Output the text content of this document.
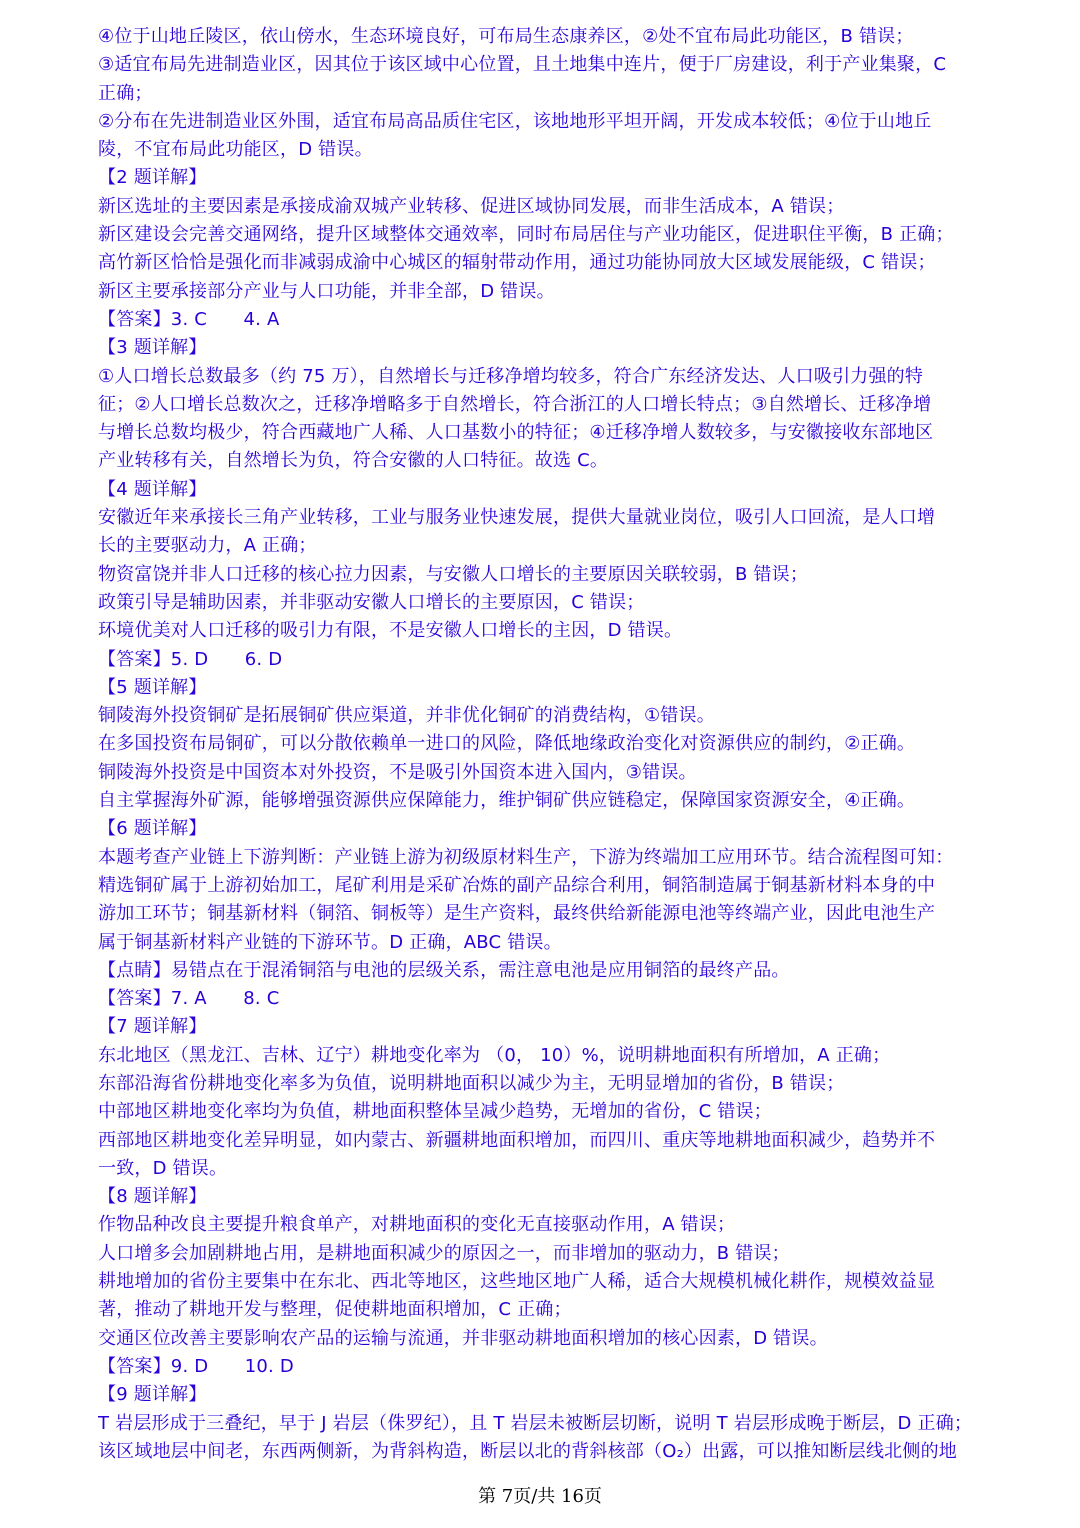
④位于山地丘陵区，依山傍水，生态环境良好，可布局生态康养区，②处不宜布局此功能区，B 错误；
③适宜布局先进制造业区，因其位于该区域中心位置，且土地集中连片，便于厂房建设，利于产业集聚，C
正确；
②分布在先进制造业区外围，适宜布局高品质住宅区，该地地形平坦开阔，开发成本较低；④位于山地丘
陵，不宜布局此功能区，D 错误。
【2 题详解】
新区选址的主要因素是承接成渝双城产业转移、促进区域协同发展，而非生活成本，A 错误；
新区建设会完善交通网络，提升区域整体交通效率，同时布局居住与产业功能区，促进职住平衡，B 正确；
高竹新区恰恰是强化而非减弱成渝中心城区的辐射带动作用，通过功能协同放大区域发展能级，C 错误；
新区主要承接部分产业与人口功能，并非全部，D 错误。
【答案】3. C　　4. A
【3 题详解】
①人口增长总数最多（约 75 万），自然增长与迁移净增均较多，符合广东经济发达、人口吸引力强的特
征；②人口增长总数次之，迁移净增略多于自然增长，符合浙江的人口增长特点；③自然增长、迁移净增
与增长总数均极少，符合西藏地广人稀、人口基数小的特征；④迁移净增人数较多，与安徽接收东部地区
产业转移有关，自然增长为负，符合安徽的人口特征。故选 C。
【4 题详解】
安徽近年来承接长三角产业转移，工业与服务业快速发展，提供大量就业岗位，吸引人口回流，是人口增
长的主要驱动力，A 正确；
物资富饶并非人口迁移的核心拉力因素，与安徽人口增长的主要原因关联较弱，B 错误；
政策引导是辅助因素，并非驱动安徽人口增长的主要原因，C 错误；
环境优美对人口迁移的吸引力有限，不是安徽人口增长的主因，D 错误。
【答案】5. D　　6. D
【5 题详解】
铜陵海外投资铜矿是拓展铜矿供应渠道，并非优化铜矿的消费结构，①错误。
在多国投资布局铜矿，可以分散依赖单一进口的风险，降低地缘政治变化对资源供应的制约，②正确。
铜陵海外投资是中国资本对外投资，不是吸引外国资本进入国内，③错误。
自主掌握海外矿源，能够增强资源供应保障能力，维护铜矿供应链稳定，保障国家资源安全，④正确。
【6 题详解】
本题考查产业链上下游判断：产业链上游为初级原材料生产，下游为终端加工应用环节。结合流程图可知：
精选铜矿属于上游初始加工，尾矿利用是采矿冶炼的副产品综合利用，铜箔制造属于铜基新材料本身的中
游加工环节；铜基新材料（铜箔、铜板等）是生产资料，最终供给新能源电池等终端产业，因此电池生产
属于铜基新材料产业链的下游环节。D 正确，ABC 错误。
【点睛】易错点在于混淆铜箔与电池的层级关系，需注意电池是应用铜箔的最终产品。
【答案】7. A　　8. C
【7 题详解】
东北地区（黑龙江、吉林、辽宁）耕地变化率为 （0， 10）%，说明耕地面积有所增加，A 正确；
东部沿海省份耕地变化率多为负值，说明耕地面积以减少为主，无明显增加的省份，B 错误；
中部地区耕地变化率均为负值，耕地面积整体呈减少趋势，无增加的省份，C 错误；
西部地区耕地变化差异明显，如内蒙古、新疆耕地面积增加，而四川、重庆等地耕地面积减少，趋势并不
一致，D 错误。
【8 题详解】
作物品种改良主要提升粮食单产，对耕地面积的变化无直接驱动作用，A 错误；
人口增多会加剧耕地占用，是耕地面积减少的原因之一，而非增加的驱动力，B 错误；
耕地增加的省份主要集中在东北、西北等地区，这些地区地广人稀，适合大规模机械化耕作，规模效益显
著，推动了耕地开发与整理，促使耕地面积增加，C 正确；
交通区位改善主要影响农产品的运输与流通，并非驱动耕地面积增加的核心因素，D 错误。
【答案】9. D　　10. D
【9 题详解】
T 岩层形成于三叠纪，早于 J 岩层（侏罗纪），且 T 岩层未被断层切断，说明 T 岩层形成晚于断层，D 正确；
该区域地层中间老，东西两侧新，为背斜构造，断层以北的背斜核部（O₂）出露，可以推知断层线北侧的地
第 7页/共 16页
